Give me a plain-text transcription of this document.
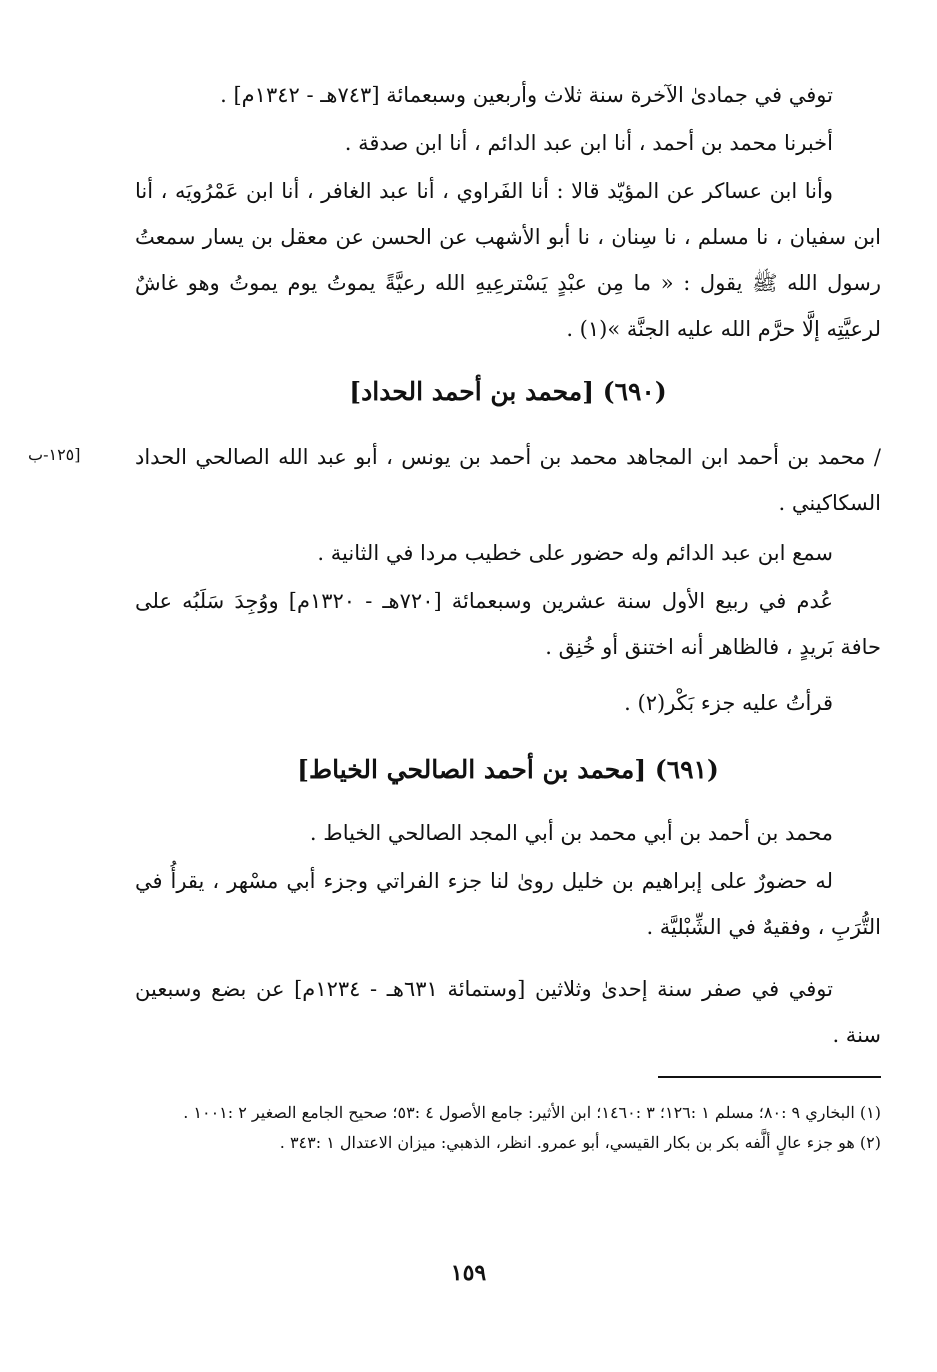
توفي في جمادىٰ الآخرة سنة ثلاث وأربعين وسبعمائة [٧٤٣هـ - ١٣٤٢م] .
أخبرنا محمد بن أحمد ، أنا ابن عبد الدائم ، أنا ابن صدقة .
وأنا ابن عساكر عن المؤيّد قالا : أنا الفَراوي ، أنا عبد الغافر ، أنا ابن عَمْرُويَه ، أنا ابن سفيان ، نا مسلم ، نا سِنان ، نا أبو الأشهب عن الحسن عن معقل بن يسار سمعتُ رسول الله ﷺ يقول : « ما مِن عبْدٍ يَسْترعِيهِ الله رعيَّةً يموتُ يوم يموتُ وهو غاشٌ لرعيَّتِه إلَّا حرَّم الله عليه الجنَّة »(١) .
(٦٩٠) [محمد بن أحمد الحداد]
[١٢٥-ب	/ محمد بن أحمد ابن المجاهد محمد بن أحمد بن يونس ، أبو عبد الله الصالحي الحداد السكاكيني .
سمع ابن عبد الدائم وله حضور على خطيب مردا في الثانية .
عُدم في ربيع الأول سنة عشرين وسبعمائة [٧٢٠هـ - ١٣٢٠م] ووُجِدَ سَلَبُه على حافة بَريدٍ ، فالظاهر أنه اختنق أو خُنِق .
قرأتُ عليه جزء بَكْر(٢) .
(٦٩١) [محمد بن أحمد الصالحي الخياط]
محمد بن أحمد بن أبي محمد بن أبي المجد الصالحي الخياط .
له حضورٌ على إبراهيم بن خليل روىٰ لنا جزء الفراتي وجزء أبي مسْهر ، يقرأُ في التُّرَبِ ، وفقيهٌ في الشِّبْليَّة .
توفي في صفر سنة إحدىٰ وثلاثين [وستمائة ٦٣١هـ - ١٢٣٤م] عن بضع وسبعين سنة .

(١) البخاري ٩ :٨٠؛ مسلم ١ :١٢٦؛ ٣ :١٤٦٠؛ ابن الأثير: جامع الأصول ٤ :٥٣؛ صحيح الجامع الصغير ٢ :١٠٠١ .

(٢) هو جزء عالٍ ألَّفه بكر بن بكار القيسي، أبو عمرو. انظر، الذهبي: ميزان الاعتدال ١ :٣٤٣ .

١٥٩
